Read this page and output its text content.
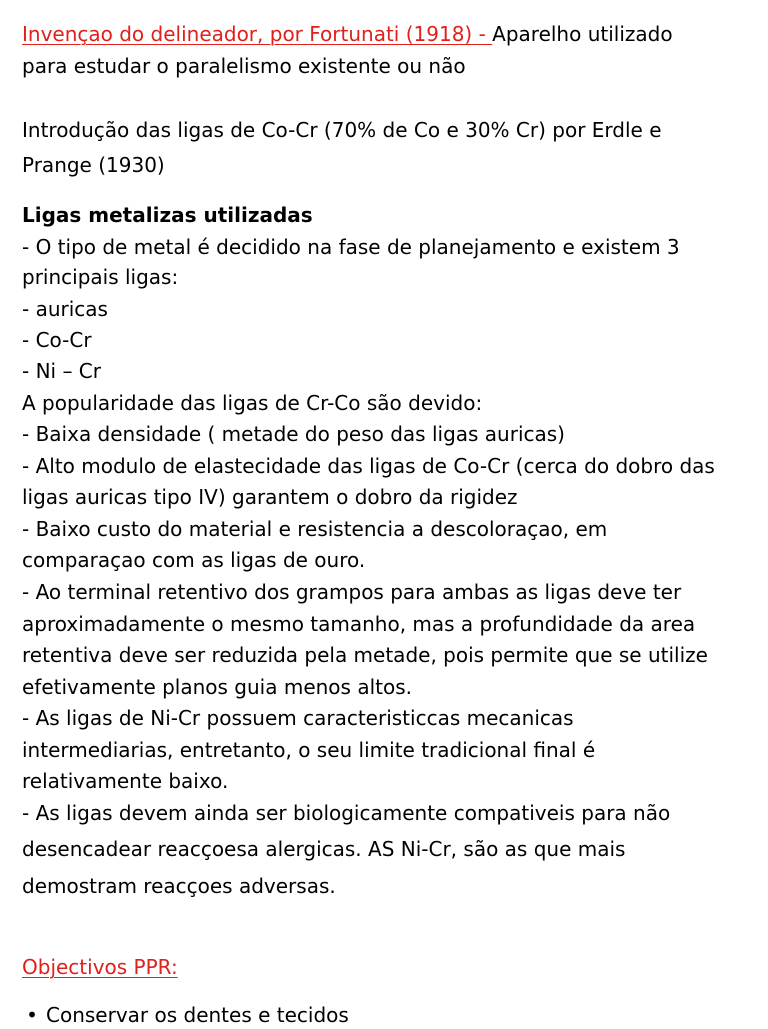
Invençao do delineador, por Fortunati (1918) - Aparelho utilizado
para estudar o paralelismo existente ou não
Introdução das ligas de Co-Cr (70% de Co e 30% Cr) por Erdle e
Prange (1930)
Ligas metalizas utilizadas
- O tipo de metal é decidido na fase de planejamento e existem 3
principais ligas:
- auricas
- Co-Cr
- Ni – Cr
A popularidade das ligas de Cr-Co são devido:
- Baixa densidade ( metade do peso das ligas auricas)
- Alto modulo de elastecidade das ligas de Co-Cr (cerca do dobro das
ligas auricas tipo IV) garantem o dobro da rigidez
- Baixo custo do material e resistencia a descoloraçao, em
comparaçao com as ligas de ouro.
- Ao terminal retentivo dos grampos para ambas as ligas deve ter
aproximadamente o mesmo tamanho, mas a profundidade da area
retentiva deve ser reduzida pela metade, pois permite que se utilize
efetivamente planos guia menos altos.
- As ligas de Ni-Cr possuem caracteristiccas mecanicas
intermediarias, entretanto, o seu limite tradicional final é
relativamente baixo.
- As ligas devem ainda ser biologicamente compativeis para não
desencadear reacçoesa alergicas. AS Ni-Cr, são as que mais
demostram reacçoes adversas.
Objectivos PPR:
• Conservar os dentes e tecidos
